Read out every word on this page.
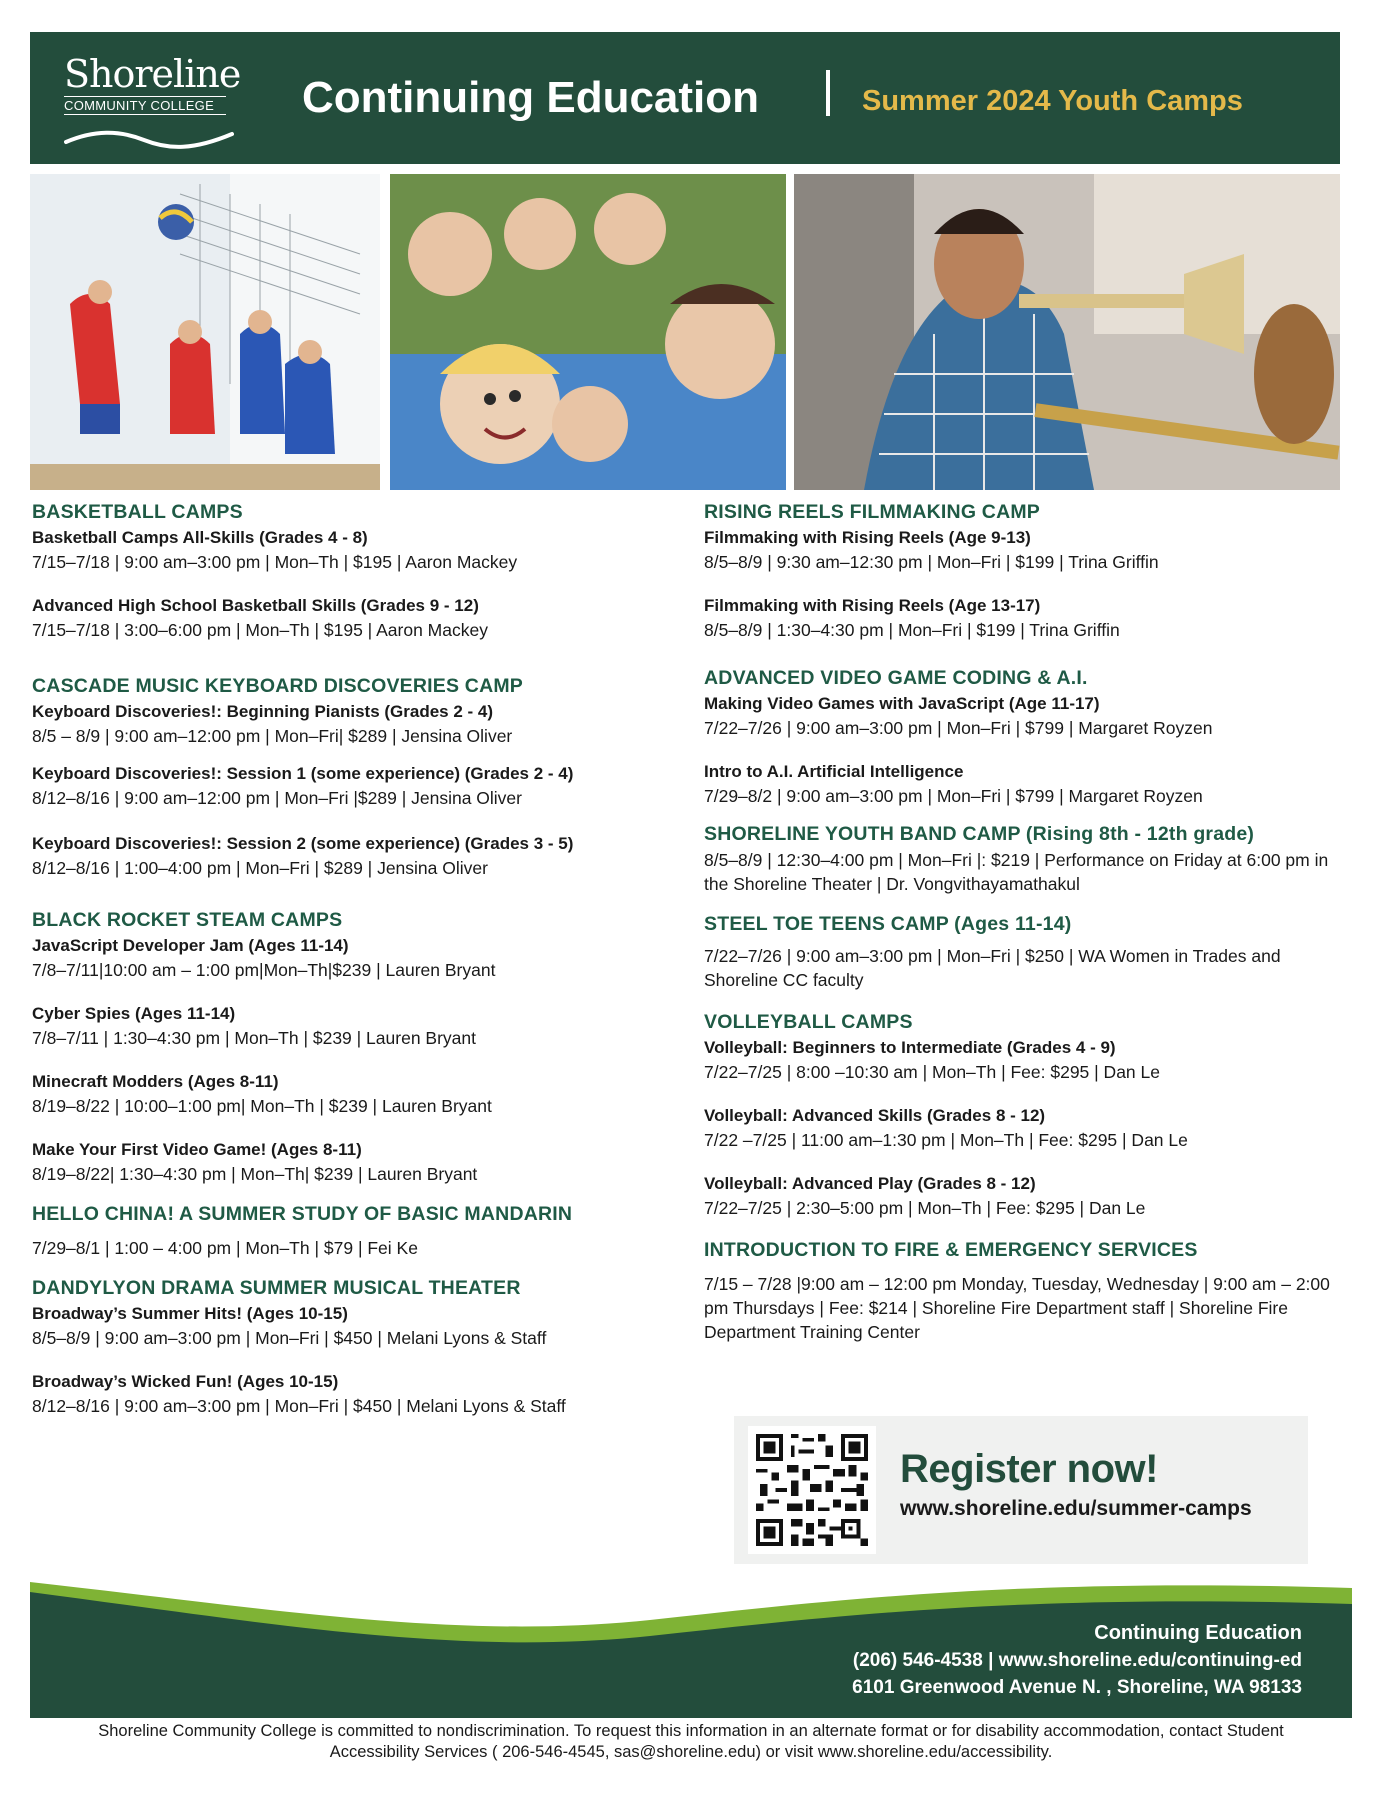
Shoreline
COMMUNITY COLLEGE Continuing Education	Summer 2024 Youth Camps
BASKETBALL CAMPS
Basketball Camps All-Skills (Grades 4 - 8)
7/15–7/18 | 9:00 am–3:00 pm | Mon–Th | $195 | Aaron Mackey
Advanced High School Basketball Skills (Grades 9 - 12)
7/15–7/18 | 3:00–6:00 pm | Mon–Th | $195 | Aaron Mackey
CASCADE MUSIC KEYBOARD DISCOVERIES CAMP
Keyboard Discoveries!: Beginning Pianists (Grades 2 - 4)
8/5 – 8/9 | 9:00 am–12:00 pm | Mon–Fri| $289 | Jensina Oliver
Keyboard Discoveries!: Session 1 (some experience) (Grades 2 - 4)
8/12–8/16 | 9:00 am–12:00 pm | Mon–Fri |$289 | Jensina Oliver
Keyboard Discoveries!: Session 2 (some experience) (Grades 3 - 5)
8/12–8/16 | 1:00–4:00 pm | Mon–Fri | $289 | Jensina Oliver
BLACK ROCKET STEAM CAMPS
JavaScript Developer Jam (Ages 11-14)
7/8–7/11|10:00 am – 1:00 pm|Mon–Th|$239 | Lauren Bryant
Cyber Spies (Ages 11-14)
7/8–7/11 | 1:30–4:30 pm | Mon–Th | $239 | Lauren Bryant
Minecraft Modders (Ages 8-11)
8/19–8/22 | 10:00–1:00 pm| Mon–Th | $239 | Lauren Bryant
Make Your First Video Game! (Ages 8-11)
8/19–8/22| 1:30–4:30 pm | Mon–Th| $239 | Lauren Bryant
HELLO CHINA! A SUMMER STUDY OF BASIC MANDARIN
7/29–8/1 | 1:00 – 4:00 pm | Mon–Th | $79 | Fei Ke
DANDYLYON DRAMA SUMMER MUSICAL THEATER
Broadway’s Summer Hits! (Ages 10-15)
8/5–8/9 | 9:00 am–3:00 pm | Mon–Fri | $450 | Melani Lyons & Staff
Broadway’s Wicked Fun! (Ages 10-15)
8/12–8/16 | 9:00 am–3:00 pm | Mon–Fri | $450 | Melani Lyons & Staff
RISING REELS FILMMAKING CAMP
Filmmaking with Rising Reels (Age 9-13)
8/5–8/9 | 9:30 am–12:30 pm | Mon–Fri | $199 | Trina Griffin
Filmmaking with Rising Reels (Age 13-17)
8/5–8/9 | 1:30–4:30 pm | Mon–Fri | $199 | Trina Griffin
ADVANCED VIDEO GAME CODING & A.I.
Making Video Games with JavaScript (Age 11-17)
7/22–7/26 | 9:00 am–3:00 pm | Mon–Fri | $799 | Margaret Royzen
Intro to A.I. Artificial Intelligence
7/29–8/2 | 9:00 am–3:00 pm | Mon–Fri | $799 | Margaret Royzen
SHORELINE YOUTH BAND CAMP (Rising 8th - 12th grade)
8/5–8/9 | 12:30–4:00 pm | Mon–Fri |: $219 | Performance on Friday at 6:00 pm in the Shoreline Theater | Dr. Vongvithayamathakul
STEEL TOE TEENS CAMP (Ages 11-14)
7/22–7/26 | 9:00 am–3:00 pm | Mon–Fri | $250 | WA Women in Trades and Shoreline CC faculty
VOLLEYBALL CAMPS
Volleyball: Beginners to Intermediate (Grades 4 - 9)
7/22–7/25 | 8:00 –10:30 am | Mon–Th | Fee: $295 | Dan Le
Volleyball: Advanced Skills (Grades 8 - 12)
7/22 –7/25 | 11:00 am–1:30 pm | Mon–Th | Fee: $295 | Dan Le
Volleyball: Advanced Play (Grades 8 - 12)
7/22–7/25 | 2:30–5:00 pm | Mon–Th | Fee: $295 | Dan Le
INTRODUCTION TO FIRE & EMERGENCY SERVICES
7/15 – 7/28 |9:00 am – 12:00 pm Monday, Tuesday, Wednesday | 9:00 am – 2:00 pm Thursdays | Fee: $214 | Shoreline Fire Department staff | Shoreline Fire Department Training Center
Register now!
www.shoreline.edu/summer-camps
Continuing Education
(206) 546-4538 | www.shoreline.edu/continuing-ed
6101 Greenwood Avenue N. , Shoreline, WA 98133
Shoreline Community College is committed to nondiscrimination. To request this information in an alternate format or for disability accommodation, contact Student Accessibility Services ( 206-546-4545, sas@shoreline.edu) or visit www.shoreline.edu/accessibility.
